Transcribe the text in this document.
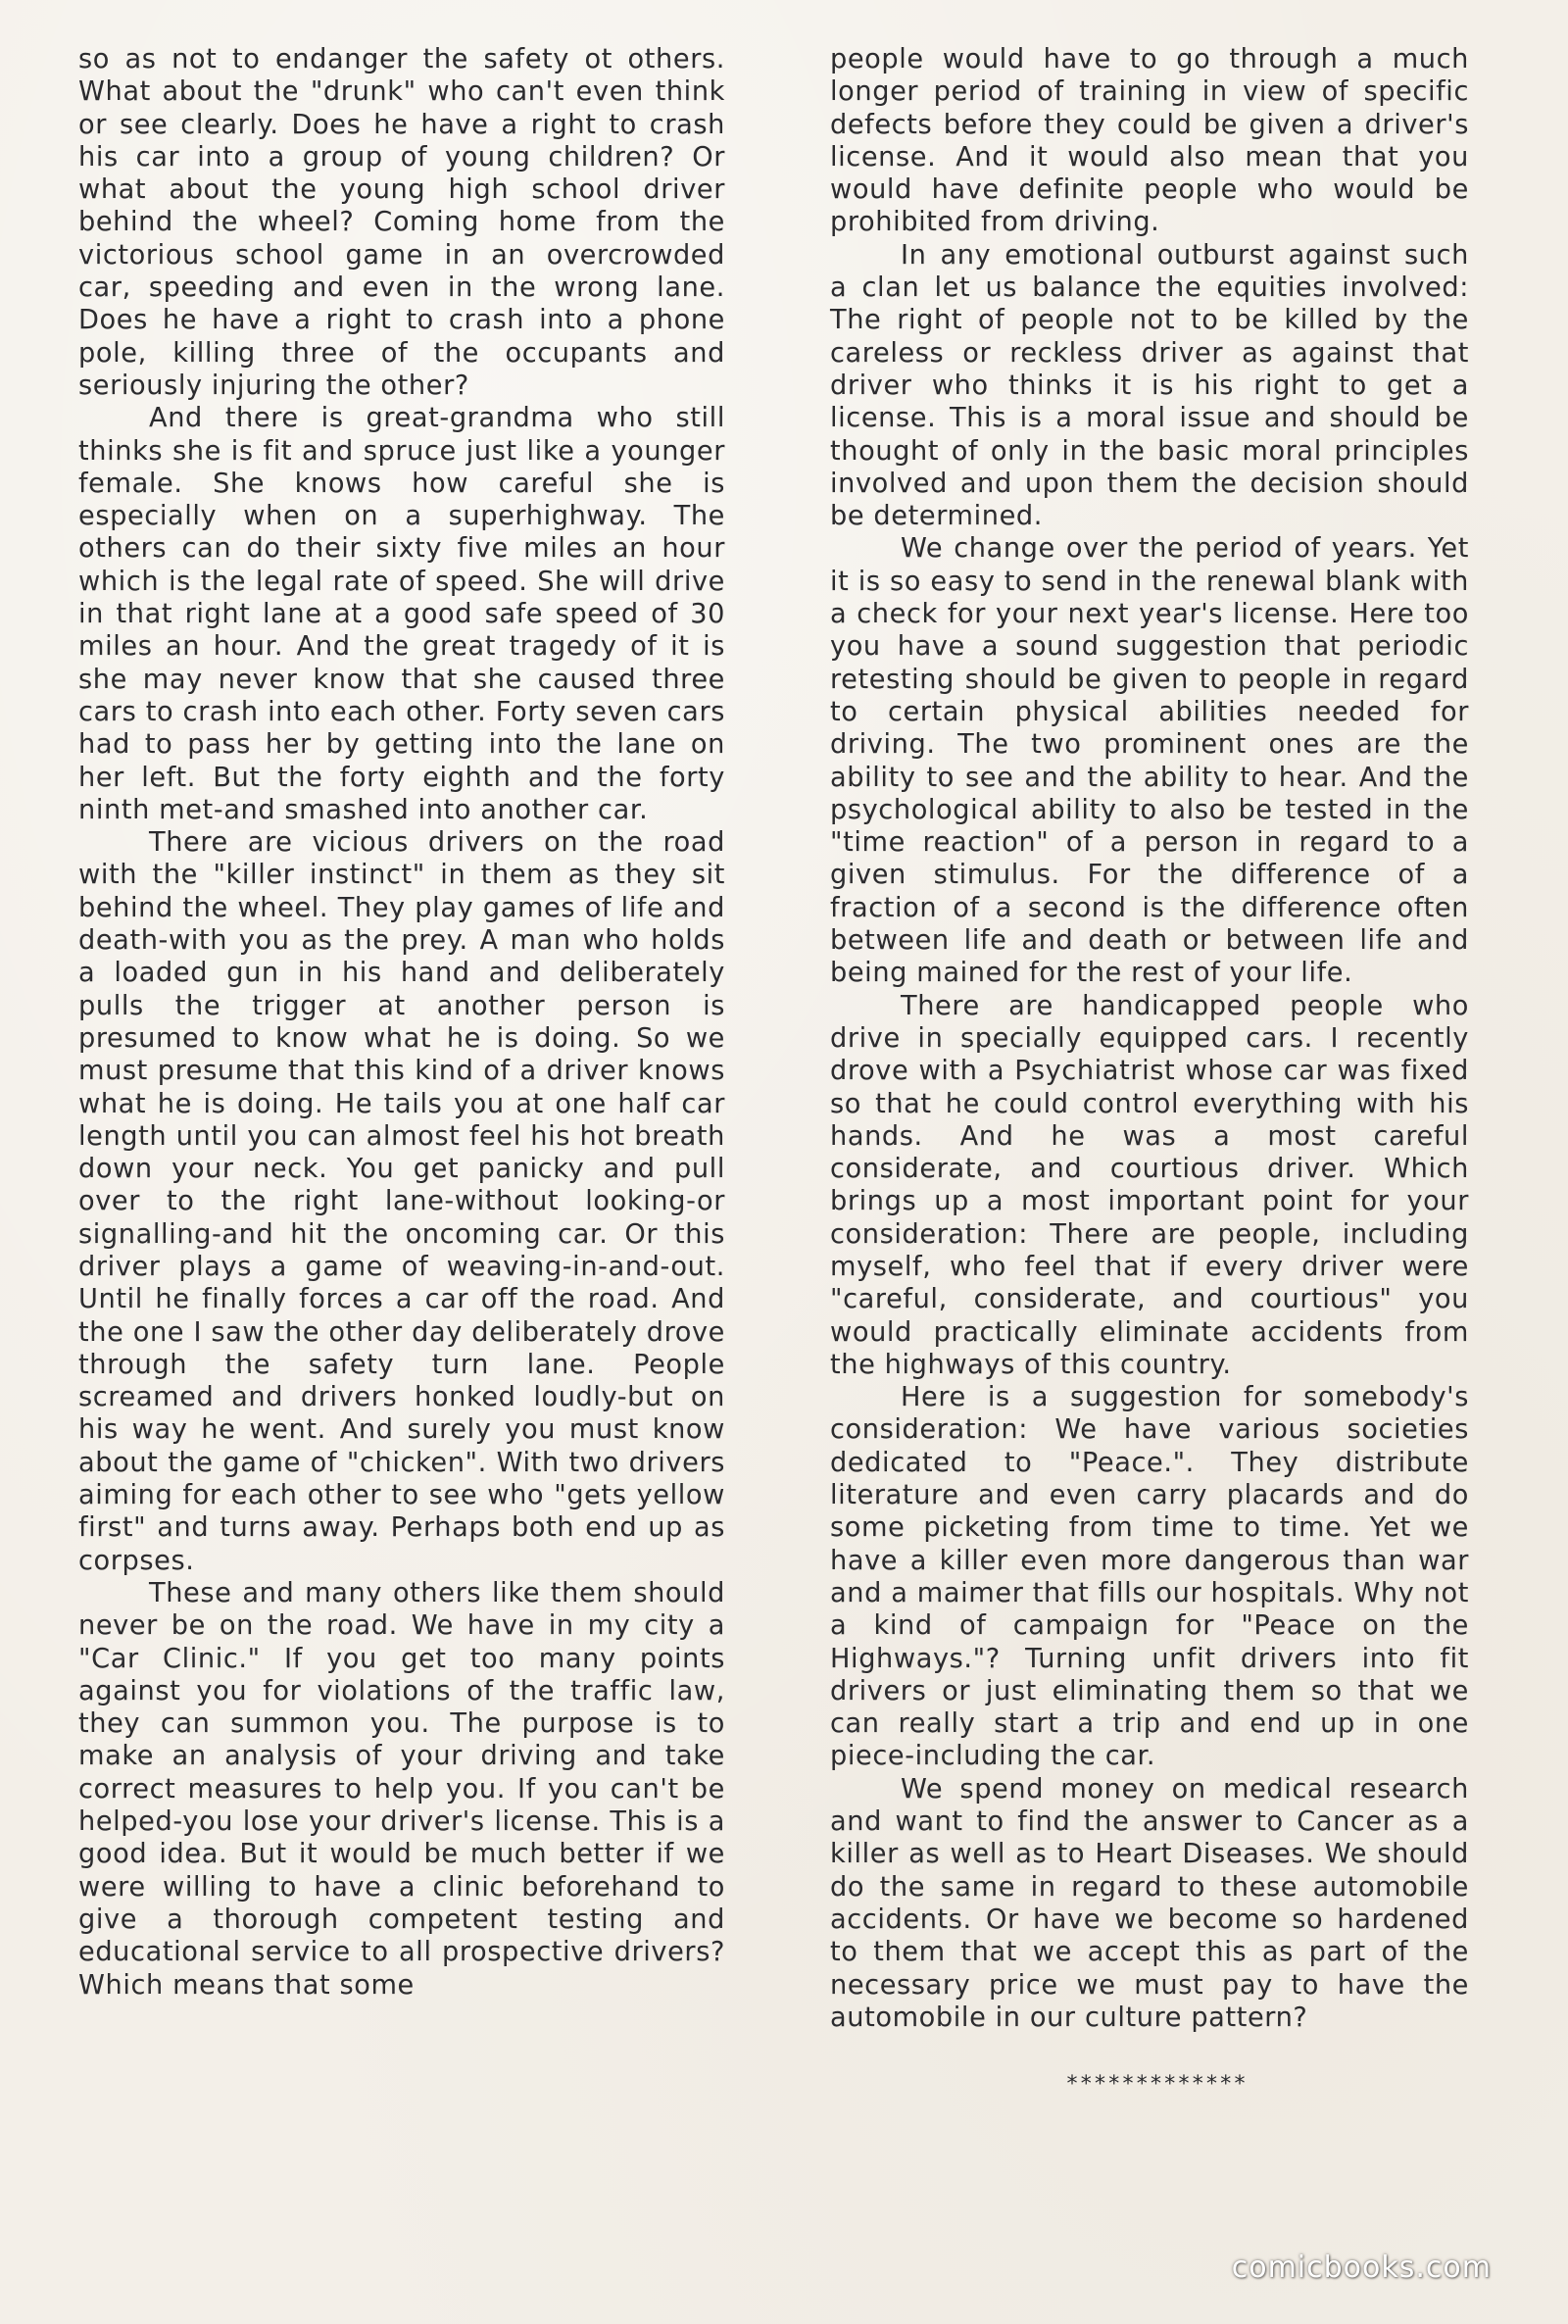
so as not to endanger the safety ot others. What about the "drunk" who can't even think or see clearly. Does he have a right to crash his car into a group of young children? Or what about the young high school driver behind the wheel? Coming home from the victorious school game in an overcrowded car, speeding and even in the wrong lane. Does he have a right to crash into a phone pole, killing three of the occupants and seriously injuring the other?

And there is great-grandma who still thinks she is fit and spruce just like a younger female. She knows how careful she is especially when on a superhighway. The others can do their sixty five miles an hour which is the legal rate of speed. She will drive in that right lane at a good safe speed of 30 miles an hour. And the great tragedy of it is she may never know that she caused three cars to crash into each other. Forty seven cars had to pass her by getting into the lane on her left. But the forty eighth and the forty ninth met-and smashed into another car.

There are vicious drivers on the road with the "killer instinct" in them as they sit behind the wheel. They play games of life and death-with you as the prey. A man who holds a loaded gun in his hand and deliberately pulls the trigger at another person is presumed to know what he is doing. So we must presume that this kind of a driver knows what he is doing. He tails you at one half car length until you can almost feel his hot breath down your neck. You get panicky and pull over to the right lane-without looking-or signalling-and hit the oncoming car. Or this driver plays a game of weaving-in-and-out. Until he finally forces a car off the road. And the one I saw the other day deliberately drove through the safety turn lane. People screamed and drivers honked loudly-but on his way he went. And surely you must know about the game of "chicken". With two drivers aiming for each other to see who "gets yellow first" and turns away. Perhaps both end up as corpses.

These and many others like them should never be on the road. We have in my city a "Car Clinic." If you get too many points against you for violations of the traffic law, they can summon you. The purpose is to make an analysis of your driving and take correct measures to help you. If you can't be helped-you lose your driver's license. This is a good idea. But it would be much better if we were willing to have a clinic beforehand to give a thorough competent testing and educational service to all prospective drivers? Which means that some

people would have to go through a much longer period of training in view of specific defects before they could be given a driver's license. And it would also mean that you would have definite people who would be prohibited from driving.

In any emotional outburst against such a clan let us balance the equities involved: The right of people not to be killed by the careless or reckless driver as against that driver who thinks it is his right to get a license. This is a moral issue and should be thought of only in the basic moral principles involved and upon them the decision should be determined.

We change over the period of years. Yet it is so easy to send in the renewal blank with a check for your next year's license. Here too you have a sound suggestion that periodic retesting should be given to people in regard to certain physical abilities needed for driving. The two prominent ones are the ability to see and the ability to hear. And the psychological ability to also be tested in the "time reaction" of a person in regard to a given stimulus. For the difference of a fraction of a second is the difference often between life and death or between life and being mained for the rest of your life.

There are handicapped people who drive in specially equipped cars. I recently drove with a Psychiatrist whose car was fixed so that he could control everything with his hands. And he was a most careful considerate, and courtious driver. Which brings up a most important point for your consideration: There are people, including myself, who feel that if every driver were "careful, considerate, and courtious" you would practically eliminate accidents from the highways of this country.

Here is a suggestion for somebody's consideration: We have various societies dedicated to "Peace.". They distribute literature and even carry placards and do some picketing from time to time. Yet we have a killer even more dangerous than war and a maimer that fills our hospitals. Why not a kind of campaign for "Peace on the Highways."? Turning unfit drivers into fit drivers or just eliminating them so that we can really start a trip and end up in one piece-including the car.

We spend money on medical research and want to find the answer to Cancer as a killer as well as to Heart Diseases. We should do the same in regard to these automobile accidents. Or have we become so hardened to them that we accept this as part of the necessary price we must pay to have the automobile in our culture pattern?

*************
comicbooks.com
